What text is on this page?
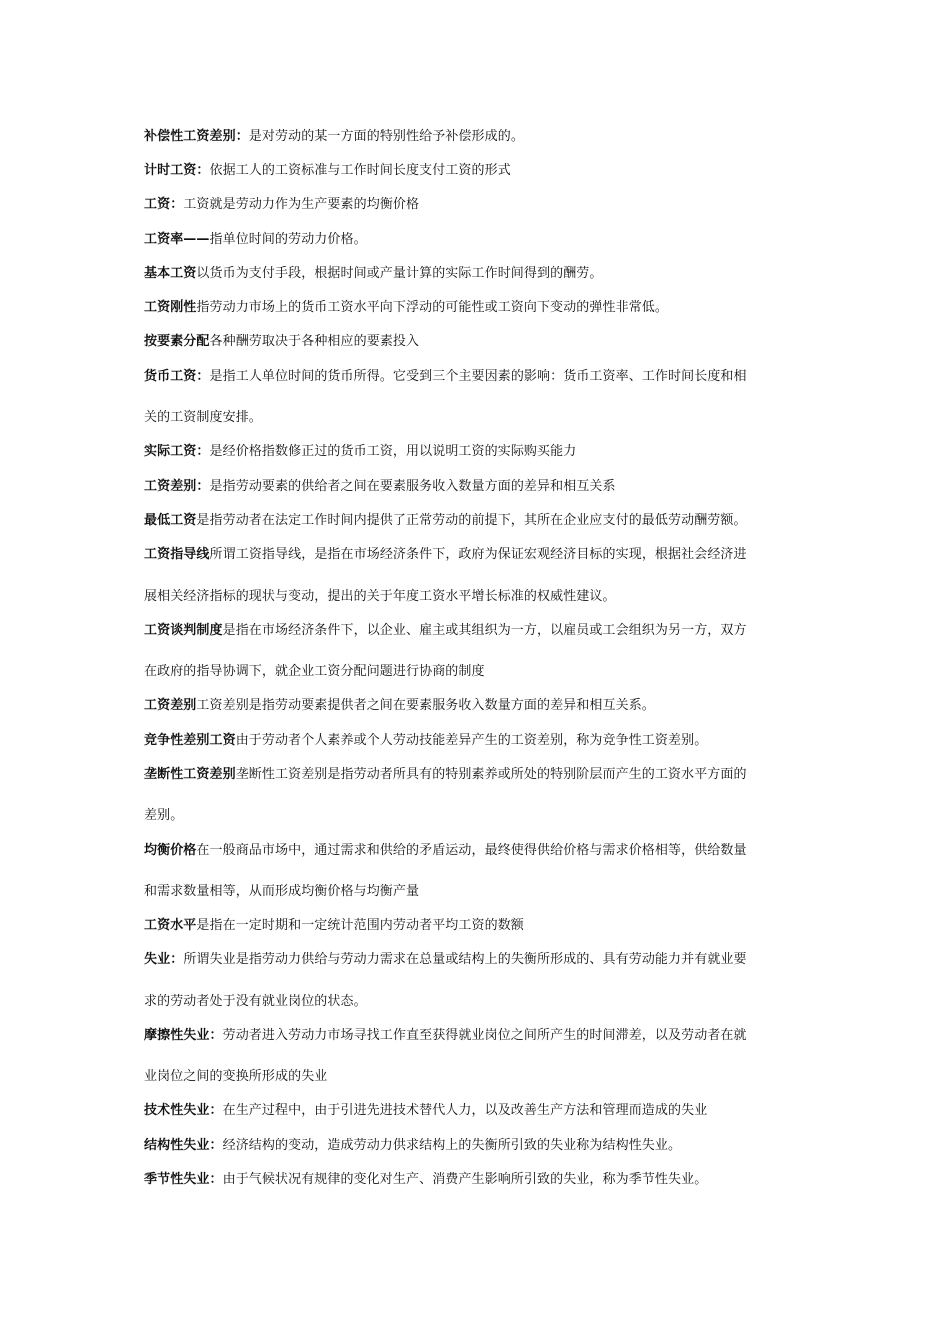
补偿性工资差别：是对劳动的某一方面的特别性给予补偿形成的。
计时工资：依据工人的工资标准与工作时间长度支付工资的形式
工资：工资就是劳动力作为生产要素的均衡价格
工资率——指单位时间的劳动力价格。
基本工资以货币为支付手段，根据时间或产量计算的实际工作时间得到的酬劳。
工资刚性指劳动力市场上的货币工资水平向下浮动的可能性或工资向下变动的弹性非常低。
按要素分配各种酬劳取决于各种相应的要素投入
货币工资：是指工人单位时间的货币所得。它受到三个主要因素的影响：货币工资率、工作时间长度和相
关的工资制度安排。
实际工资：是经价格指数修正过的货币工资，用以说明工资的实际购买能力
工资差别：是指劳动要素的供给者之间在要素服务收入数量方面的差异和相互关系
最低工资是指劳动者在法定工作时间内提供了正常劳动的前提下，其所在企业应支付的最低劳动酬劳额。
工资指导线所谓工资指导线，是指在市场经济条件下，政府为保证宏观经济目标的实现，根据社会经济进
展相关经济指标的现状与变动，提出的关于年度工资水平增长标准的权威性建议。
工资谈判制度是指在市场经济条件下，以企业、雇主或其组织为一方，以雇员或工会组织为另一方，双方
在政府的指导协调下，就企业工资分配问题进行协商的制度
工资差别工资差别是指劳动要素提供者之间在要素服务收入数量方面的差异和相互关系。
竞争性差别工资由于劳动者个人素养或个人劳动技能差异产生的工资差别，称为竞争性工资差别。
垄断性工资差别垄断性工资差别是指劳动者所具有的特别素养或所处的特别阶层而产生的工资水平方面的
差别。
均衡价格在一般商品市场中，通过需求和供给的矛盾运动，最终使得供给价格与需求价格相等，供给数量
和需求数量相等，从而形成均衡价格与均衡产量
工资水平是指在一定时期和一定统计范围内劳动者平均工资的数额
失业：所谓失业是指劳动力供给与劳动力需求在总量或结构上的失衡所形成的、具有劳动能力并有就业要
求的劳动者处于没有就业岗位的状态。
摩擦性失业：劳动者进入劳动力市场寻找工作直至获得就业岗位之间所产生的时间滞差，以及劳动者在就
业岗位之间的变换所形成的失业
技术性失业：在生产过程中，由于引进先进技术替代人力，以及改善生产方法和管理而造成的失业
结构性失业：经济结构的变动，造成劳动力供求结构上的失衡所引致的失业称为结构性失业。
季节性失业：由于气候状况有规律的变化对生产、消费产生影响所引致的失业，称为季节性失业。
